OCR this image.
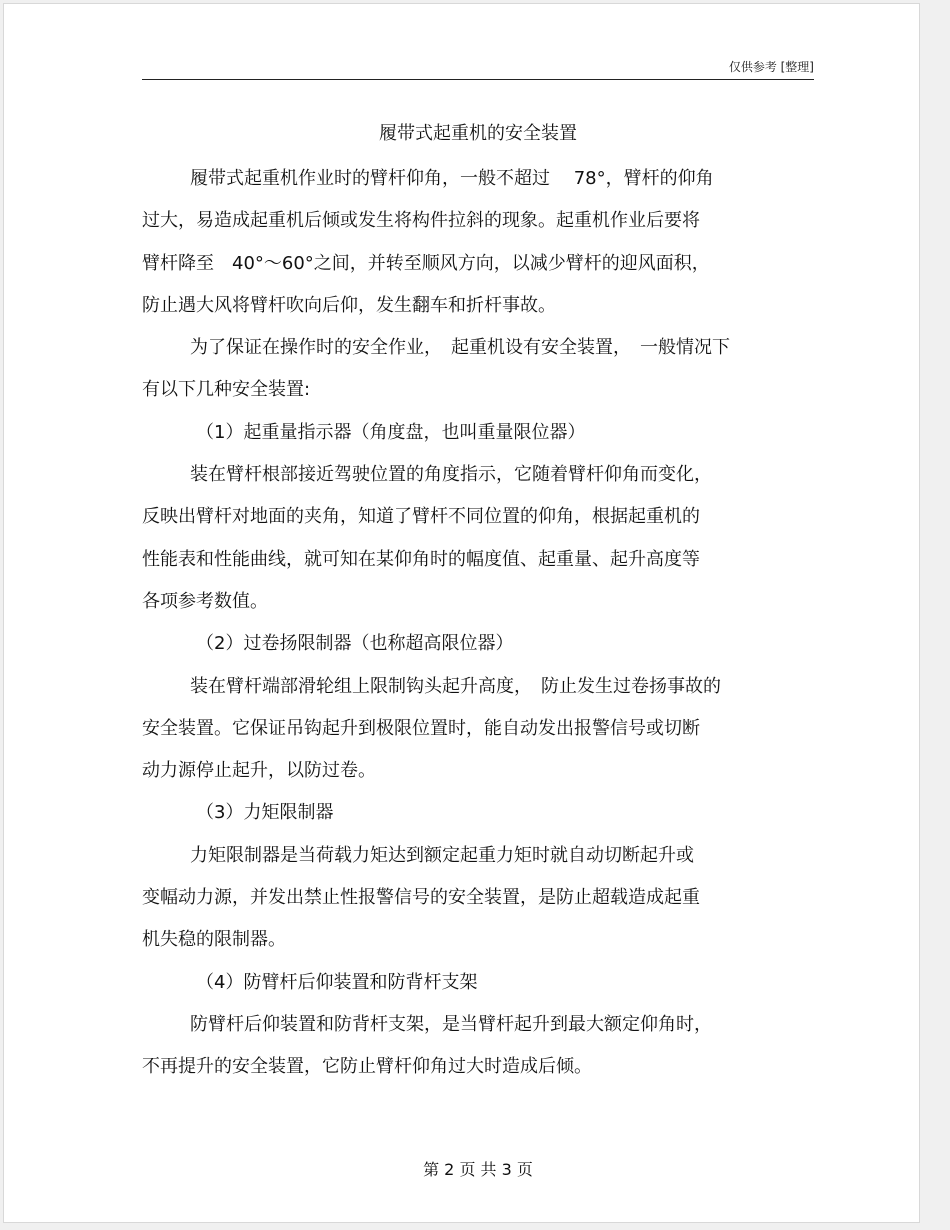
仅供参考 [整理]
履带式起重机的安全装置
履带式起重机作业时的臂杆仰角，一般不超过　 78°，臂杆的仰角
过大，易造成起重机后倾或发生将构件拉斜的现象。起重机作业后要将
臂杆降至　40°～60°之间，并转至顺风方向，以减少臂杆的迎风面积，
防止遇大风将臂杆吹向后仰，发生翻车和折杆事故。
为了保证在操作时的安全作业，　起重机设有安全装置，　一般情况下
有以下几种安全装置:

（1）起重量指示器（角度盘，也叫重量限位器）

装在臂杆根部接近驾驶位置的角度指示，它随着臂杆仰角而变化，
反映出臂杆对地面的夹角，知道了臂杆不同位置的仰角，根据起重机的
性能表和性能曲线，就可知在某仰角时的幅度值、起重量、起升高度等
各项参考数值。

（2）过卷扬限制器（也称超高限位器）

装在臂杆端部滑轮组上限制钩头起升高度，　防止发生过卷扬事故的
安全装置。它保证吊钩起升到极限位置时，能自动发出报警信号或切断
动力源停止起升，以防过卷。

（3）力矩限制器

力矩限制器是当荷载力矩达到额定起重力矩时就自动切断起升或
变幅动力源，并发出禁止性报警信号的安全装置，是防止超载造成起重
机失稳的限制器。

（4）防臂杆后仰装置和防背杆支架

防臂杆后仰装置和防背杆支架，是当臂杆起升到最大额定仰角时，
不再提升的安全装置，它防止臂杆仰角过大时造成后倾。
第 2 页 共 3 页
